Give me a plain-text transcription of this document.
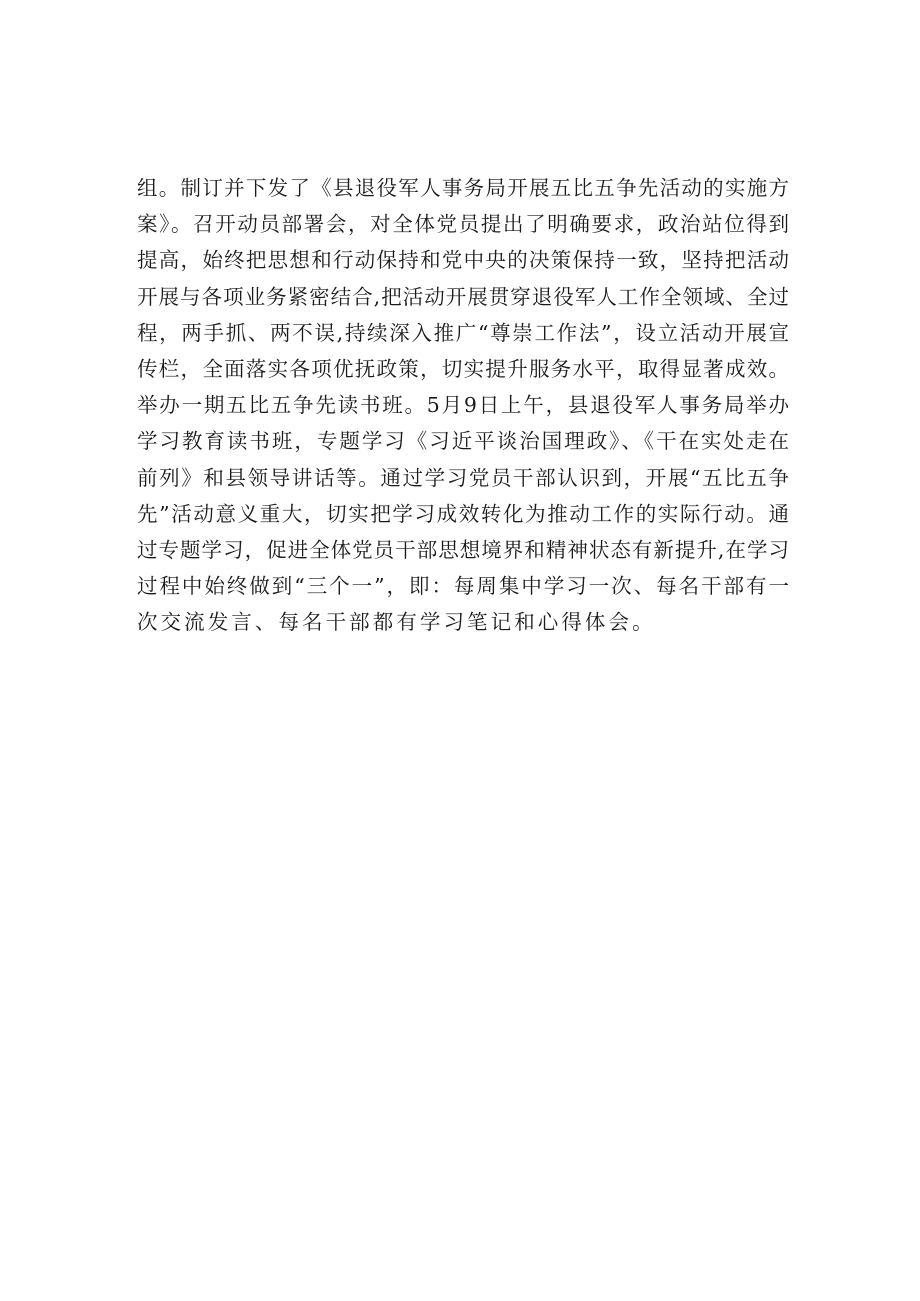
组。制订并下发了《县退役军人事务局开展五比五争先活动的实施方
案》。召开动员部署会，对全体党员提出了明确要求，政治站位得到
提高，始终把思想和行动保持和党中央的决策保持一致，坚持把活动
开展与各项业务紧密结合,把活动开展贯穿退役军人工作全领域、全过
程，两手抓、两不误,持续深入推广“尊崇工作法”，设立活动开展宣
传栏，全面落实各项优抚政策，切实提升服务水平，取得显著成效。
举办一期五比五争先读书班。5月9日上午，县退役军人事务局举办
学习教育读书班，专题学习《习近平谈治国理政》、《干在实处走在
前列》和县领导讲话等。通过学习党员干部认识到，开展“五比五争
先”活动意义重大，切实把学习成效转化为推动工作的实际行动。通
过专题学习，促进全体党员干部思想境界和精神状态有新提升,在学习
过程中始终做到“三个一”，即：每周集中学习一次、每名干部有一
次交流发言、每名干部都有学习笔记和心得体会。
